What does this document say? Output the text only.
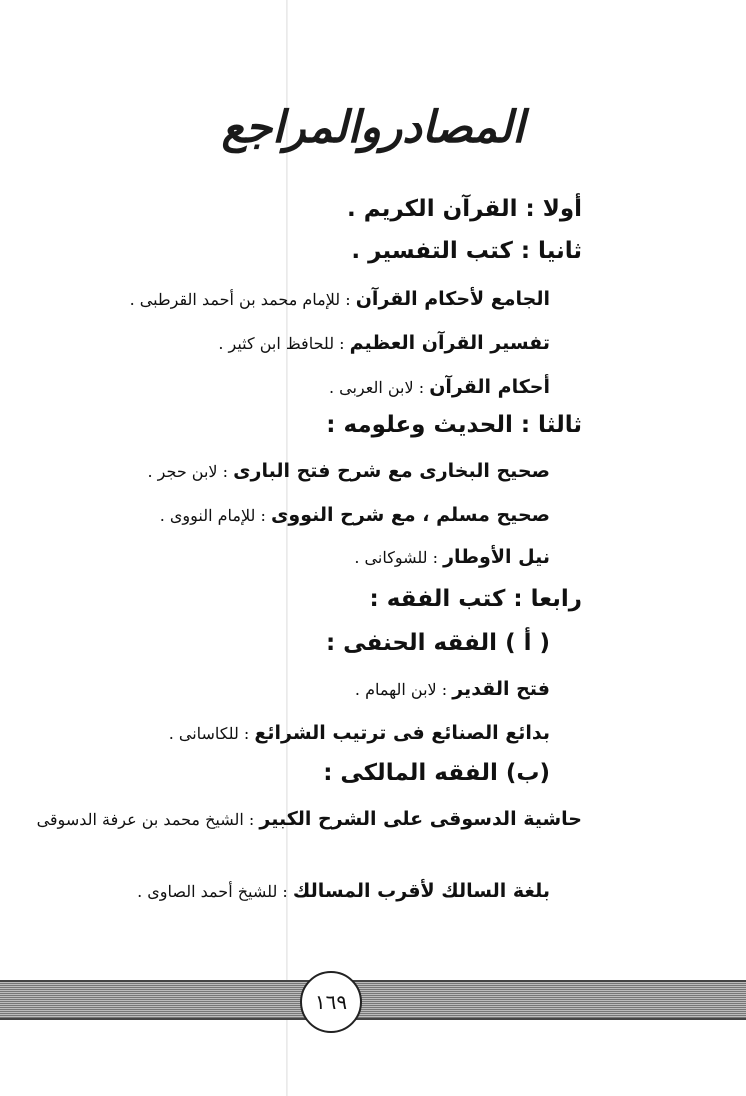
المصادروالمراجع
أولا : القرآن الكريم .
ثانيا : كتب التفسير .
الجامع لأحكام القرآن : للإمام محمد بن أحمد القرطبى .
تفسير القرآن العظيم : للحافظ ابن كثير .
أحكام القرآن : لابن العربى .
ثالثا : الحديث وعلومه :
صحيح البخارى مع شرح فتح البارى : لابن حجر .
صحيح مسلم ، مع شرح النووى : للإمام النووى .
نيل الأوطار : للشوكانى .
رابعا : كتب الفقه :
( أ ) الفقه الحنفى :
فتح القدير : لابن الهمام .
بدائع الصنائع فى ترتيب الشرائع : للكاسانى .
(ب) الفقه المالكى :
حاشية الدسوقى على الشرح الكبير : الشيخ محمد بن عرفة الدسوقى
بلغة السالك لأقرب المسالك : للشيخ أحمد الصاوى .
١٦٩
